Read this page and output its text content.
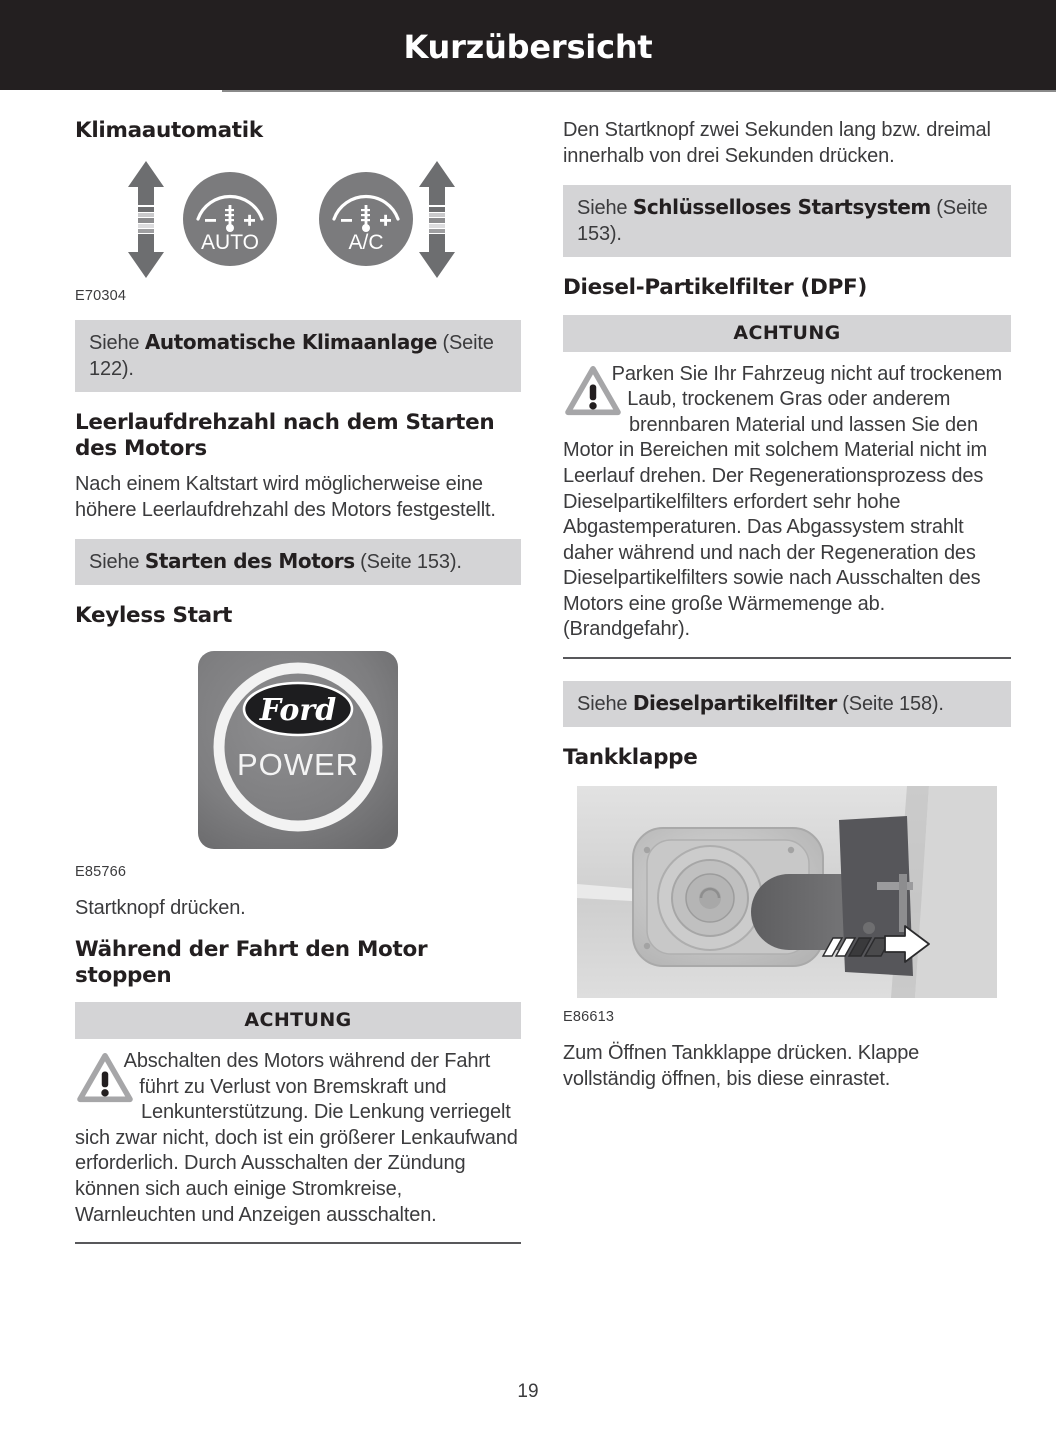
Kurzübersicht
Klimaautomatik
AUTO	A/C
E70304
Siehe Automatische Klimaanlage (Seite 122).
Leerlaufdrehzahl nach dem Starten des Motors

Nach einem Kaltstart wird möglicherweise eine höhere Leerlaufdrehzahl des Motors festgestellt.

Siehe Starten des Motors (Seite 153).
Keyless Start
Ford
POWER
E85766

Startknopf drücken.

Während der Fahrt den Motor stoppen
ACHTUNG
Abschalten des Motors während der Fahrt führt zu Verlust von Bremskraft und Lenkunterstützung. Die Lenkung verriegelt sich zwar nicht, doch ist ein größerer Lenkaufwand erforderlich. Durch Ausschalten der Zündung können sich auch einige Stromkreise, Warnleuchten und Anzeigen ausschalten.

Den Startknopf zwei Sekunden lang bzw. dreimal innerhalb von drei Sekunden drücken.

Siehe Schlüsselloses Startsystem (Seite 153).
Diesel-Partikelfilter (DPF)
ACHTUNG
Parken Sie Ihr Fahrzeug nicht auf trockenem Laub, trockenem Gras oder anderem brennbaren Material und lassen Sie den Motor in Bereichen mit solchem Material nicht im Leerlauf drehen. Der Regenerationsprozess des Dieselpartikelfilters erfordert sehr hohe Abgastemperaturen. Das Abgassystem strahlt daher während und nach der Regeneration des Dieselpartikelfilters sowie nach Ausschalten des Motors eine große Wärmemenge ab. (Brandgefahr).
Siehe Dieselpartikelfilter (Seite 158).
Tankklappe
E86613

Zum Öffnen Tankklappe drücken. Klappe vollständig öffnen, bis diese einrastet.

19
